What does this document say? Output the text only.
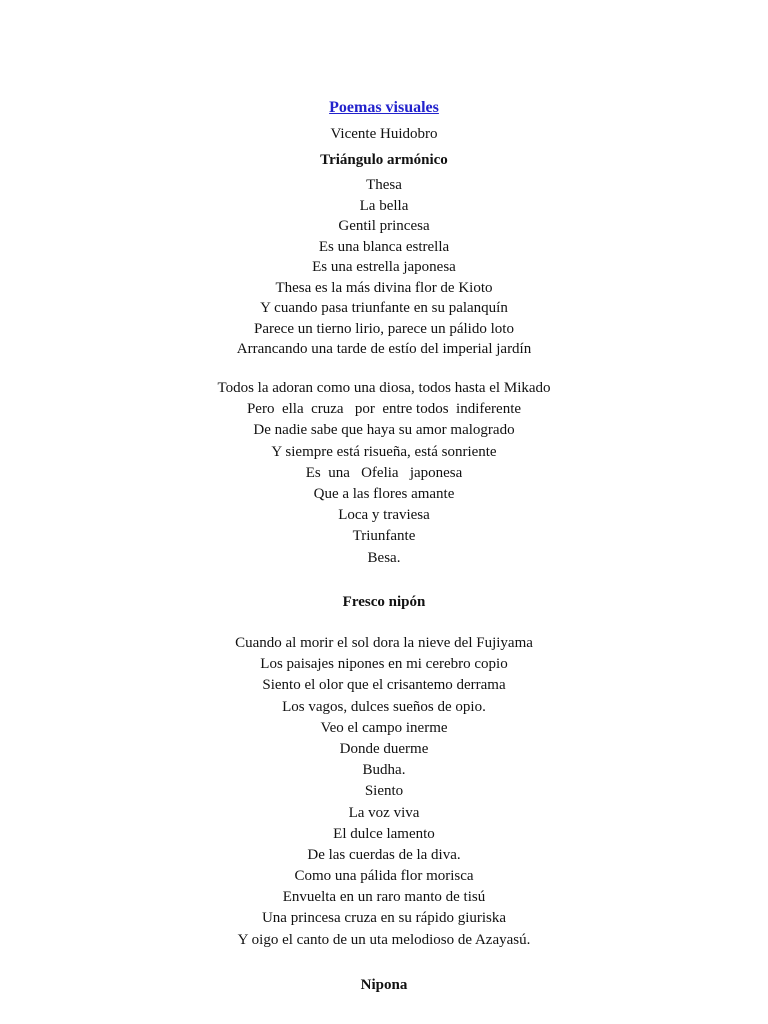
Poemas visuales
Vicente Huidobro
Triángulo armónico
Thesa
La bella
Gentil princesa
Es una blanca estrella
Es una estrella japonesa
Thesa es la más divina flor de Kioto
Y cuando pasa triunfante en su palanquín
Parece un tierno lirio, parece un pálido loto
Arrancando una tarde de estío del imperial jardín
Todos la adoran como una diosa, todos hasta el Mikado
Pero  ella  cruza   por  entre todos  indiferente
De nadie sabe que haya su amor malogrado
Y siempre está risueña, está sonriente
Es  una   Ofelia   japonesa
Que a las flores amante
Loca y traviesa
Triunfante
Besa.
Fresco nipón
Cuando al morir el sol dora la nieve del Fujiyama
Los paisajes nipones en mi cerebro copio
Siento el olor que el crisantemo derrama
Los vagos, dulces sueños de opio.
Veo el campo inerme
Donde duerme
Budha.
Siento
La voz viva
El dulce lamento
De las cuerdas de la diva.
Como una pálida flor morisca
Envuelta en un raro manto de tisú
Una princesa cruza en su rápido giuriska
Y oigo el canto de un uta melodioso de Azayasú.
Nipona
